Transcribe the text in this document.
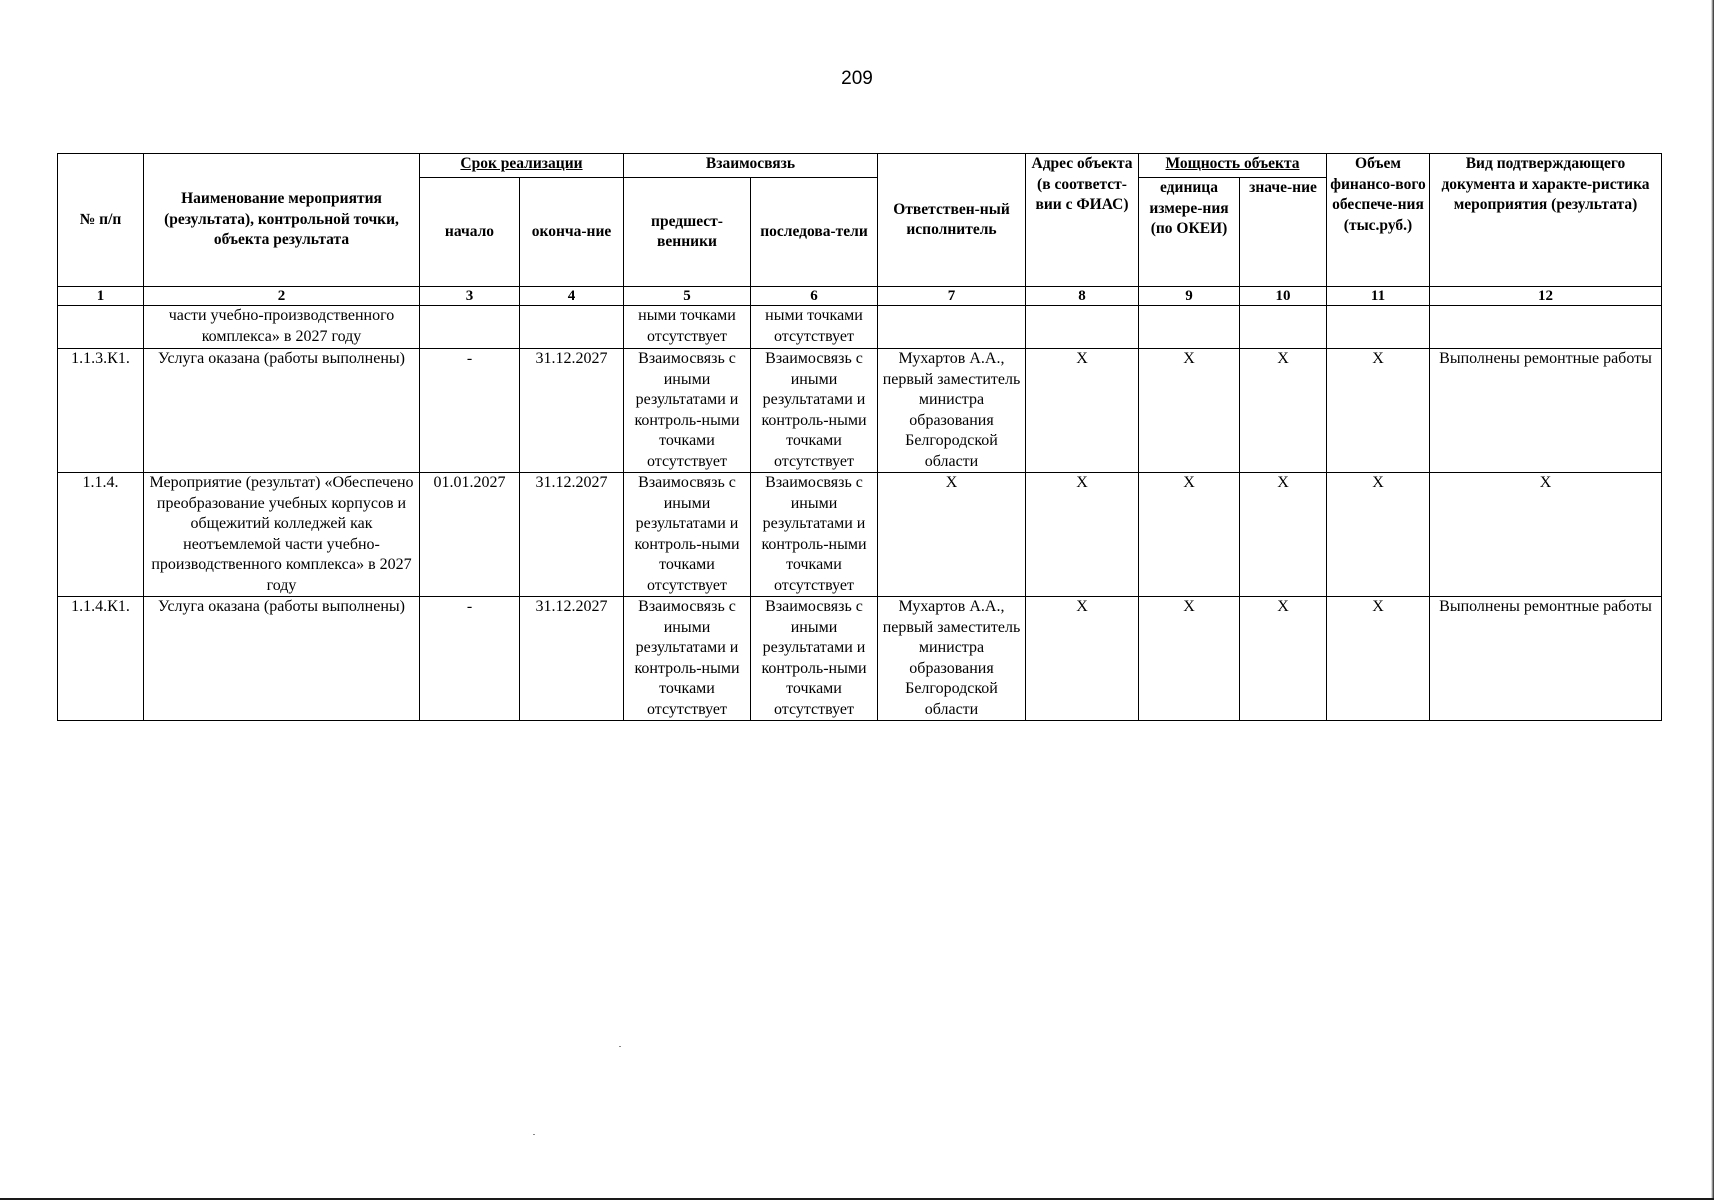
209
№ п/п	Наименование мероприятия (результата), контрольной точки, объекта результата	Срок реализации		Взаимосвязь		Ответствен-ный исполнитель	Адрес объекта (в соответст-вии с ФИАС)	Мощность объекта		Объем финансо-вого обеспече-ния (тыс.руб.)	Вид подтверждающего документа и характе-ристика мероприятия (результата)
		начало	оконча-ние	предшест-венники	последова-тели			единица измере-ния (по ОКЕИ)	значе-ние		
1	2	3	4	5	6	7	8	9	10	11	12
	части учебно-производственного комплекса» в 2027 году			ными точками отсутствует	ными точками отсутствует						
1.1.3.К1.	Услуга оказана (работы выполнены)	-	31.12.2027	Взаимосвязь с иными результатами и контроль-ными точками отсутствует	Взаимосвязь с иными результатами и контроль-ными точками отсутствует	Мухартов А.А., первый заместитель министра образования Белгородской области	X	X	X	X	Выполнены ремонтные работы
1.1.4.	Мероприятие (результат) «Обеспечено преобразование учебных корпусов и общежитий колледжей как неотъемлемой части учебно-производственного комплекса» в 2027 году	01.01.2027	31.12.2027	Взаимосвязь с иными результатами и контроль-ными точками отсутствует	Взаимосвязь с иными результатами и контроль-ными точками отсутствует	X	X	X	X	X	X
1.1.4.К1.	Услуга оказана (работы выполнены)	-	31.12.2027	Взаимосвязь с иными результатами и контроль-ными точками отсутствует	Взаимосвязь с иными результатами и контроль-ными точками отсутствует	Мухартов А.А., первый заместитель министра образования Белгородской области	X	X	X	X	Выполнены ремонтные работы
